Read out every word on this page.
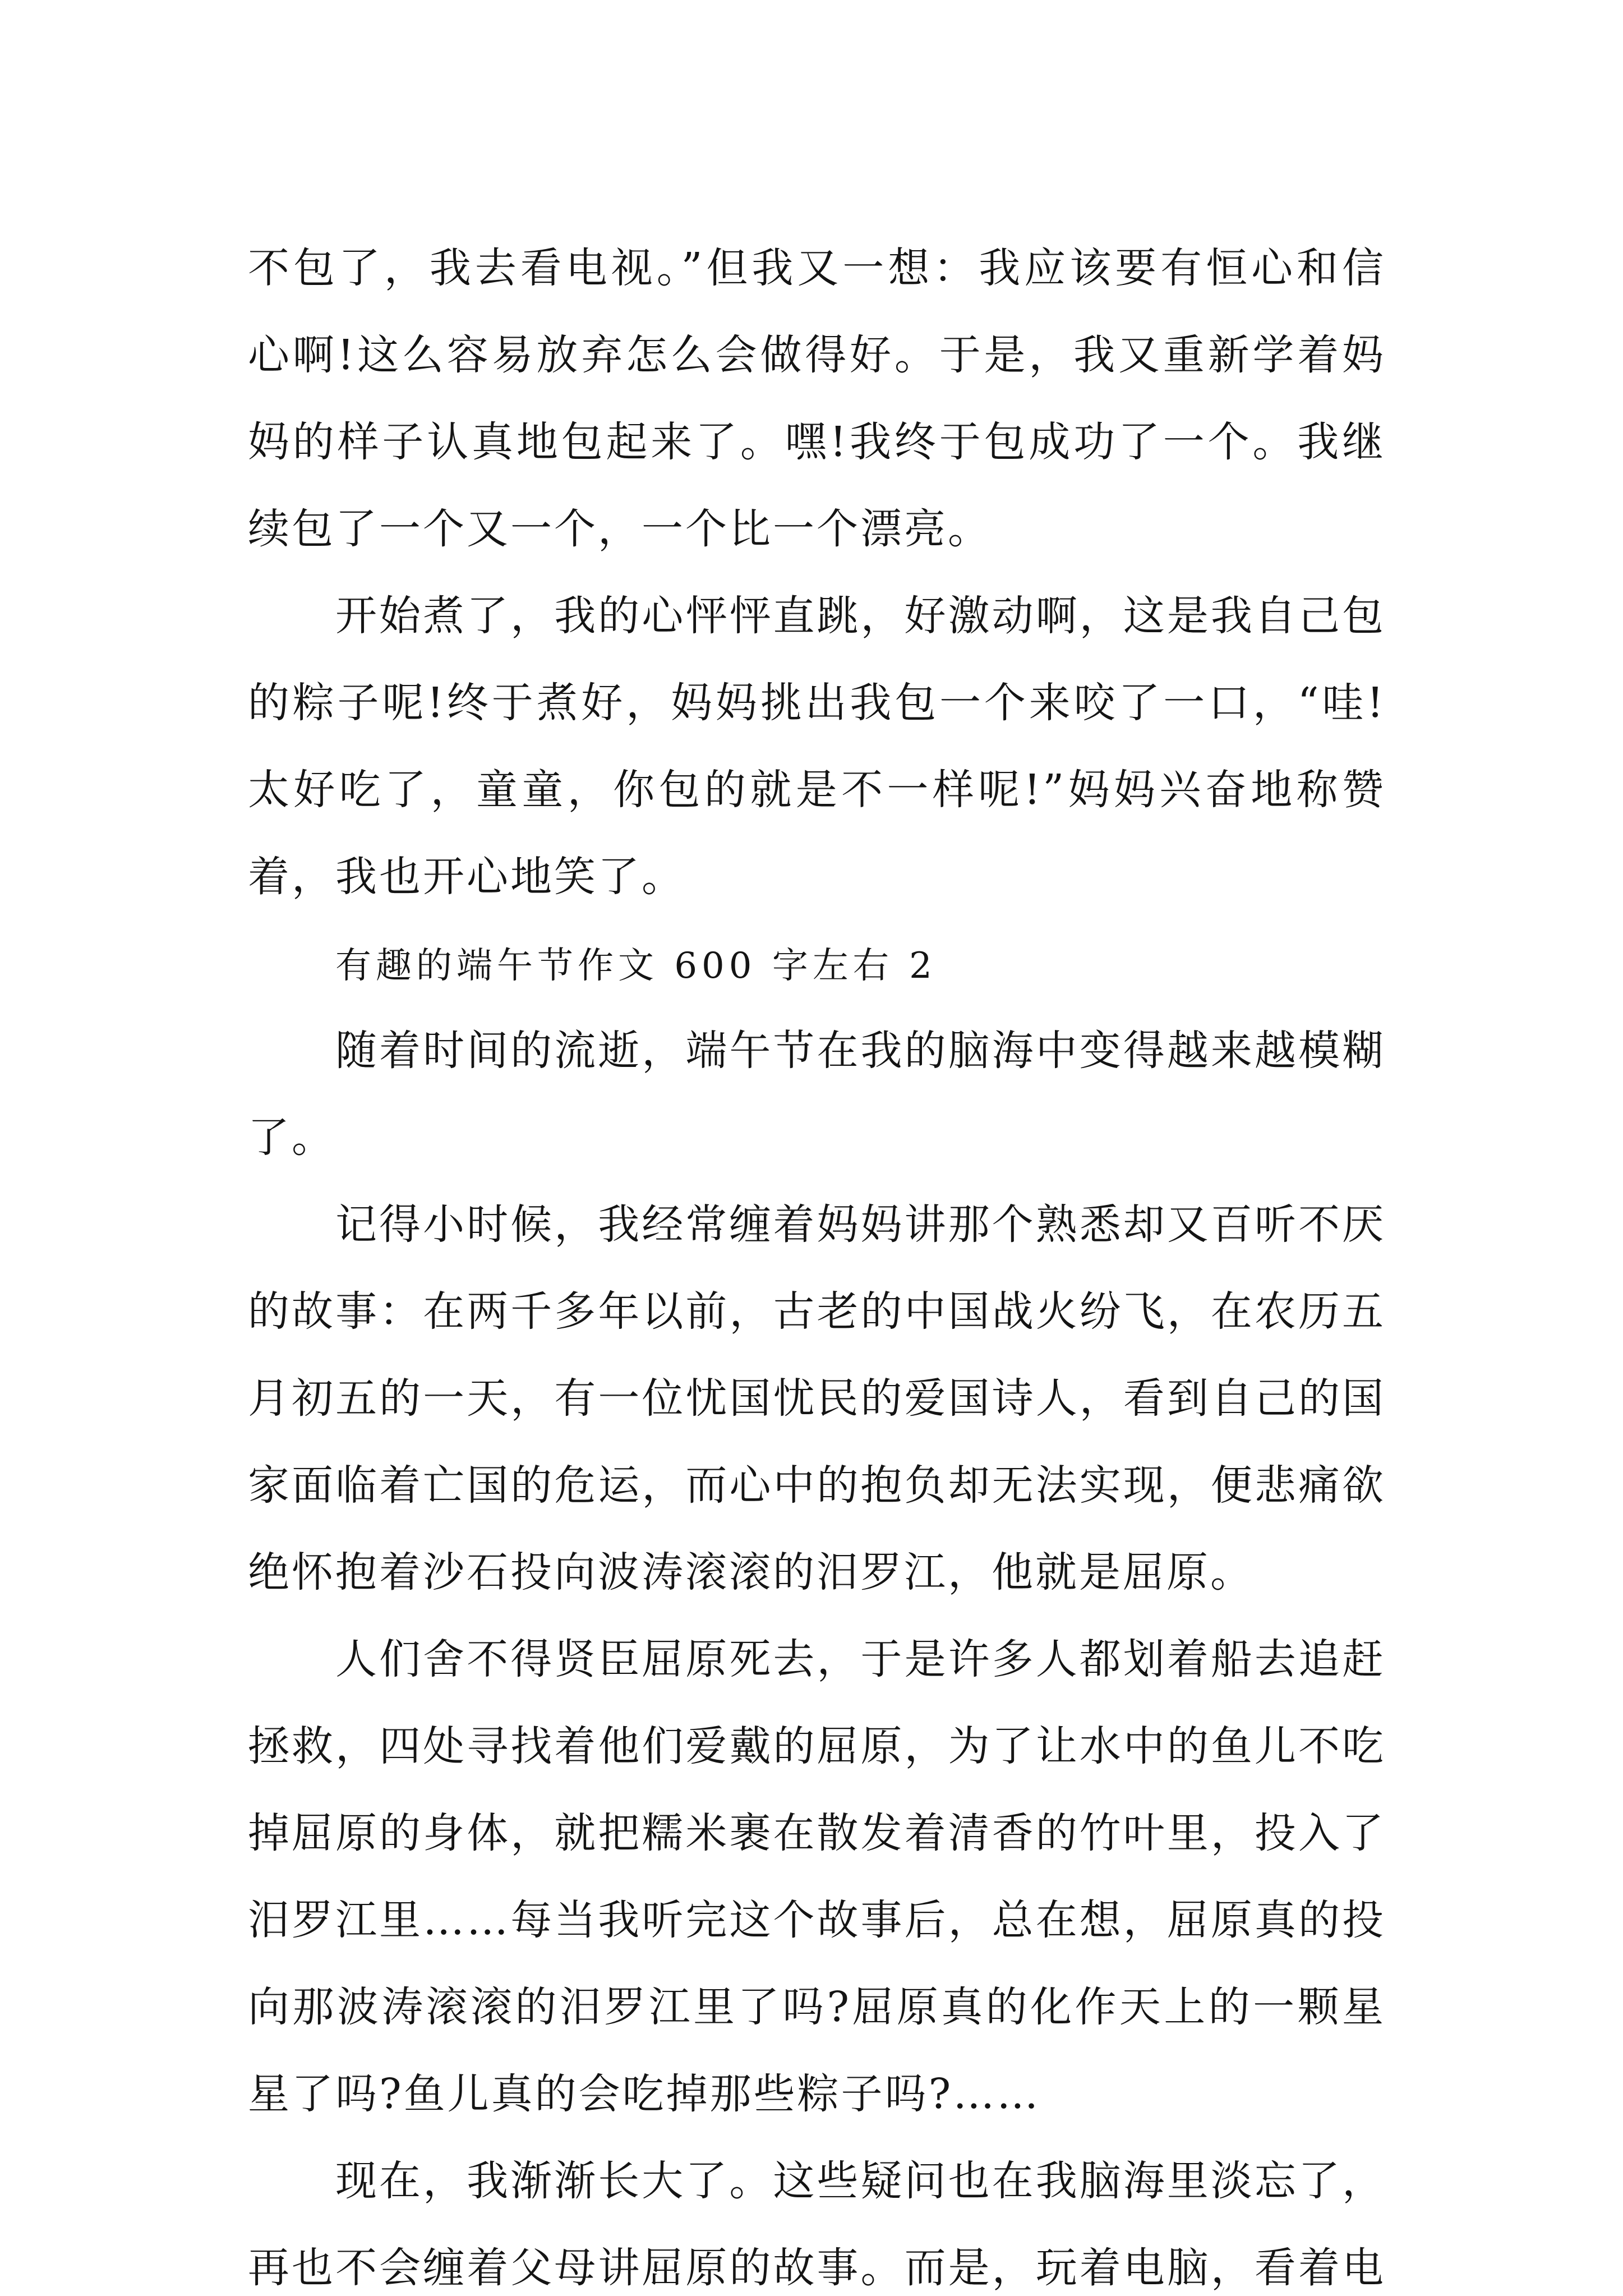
不包了，我去看电视。”但我又一想：我应该要有恒心和信
心啊!这么容易放弃怎么会做得好。于是，我又重新学着妈
妈的样子认真地包起来了。嘿!我终于包成功了一个。我继
续包了一个又一个，一个比一个漂亮。
开始煮了，我的心怦怦直跳，好激动啊，这是我自己包
的粽子呢!终于煮好，妈妈挑出我包一个来咬了一口，“哇!
太好吃了，童童，你包的就是不一样呢!”妈妈兴奋地称赞
着，我也开心地笑了。
有趣的端午节作文 600 字左右 2
随着时间的流逝，端午节在我的脑海中变得越来越模糊
了。
记得小时候，我经常缠着妈妈讲那个熟悉却又百听不厌
的故事：在两千多年以前，古老的中国战火纷飞，在农历五
月初五的一天，有一位忧国忧民的爱国诗人，看到自己的国
家面临着亡国的危运，而心中的抱负却无法实现，便悲痛欲
绝怀抱着沙石投向波涛滚滚的汨罗江，他就是屈原。
人们舍不得贤臣屈原死去，于是许多人都划着船去追赶
拯救，四处寻找着他们爱戴的屈原，为了让水中的鱼儿不吃
掉屈原的身体，就把糯米裹在散发着清香的竹叶里，投入了
汨罗江里……每当我听完这个故事后，总在想，屈原真的投
向那波涛滚滚的汨罗江里了吗?屈原真的化作天上的一颗星
星了吗?鱼儿真的会吃掉那些粽子吗?……
现在，我渐渐长大了。这些疑问也在我脑海里淡忘了，
再也不会缠着父母讲屈原的故事。而是，玩着电脑，看着电
